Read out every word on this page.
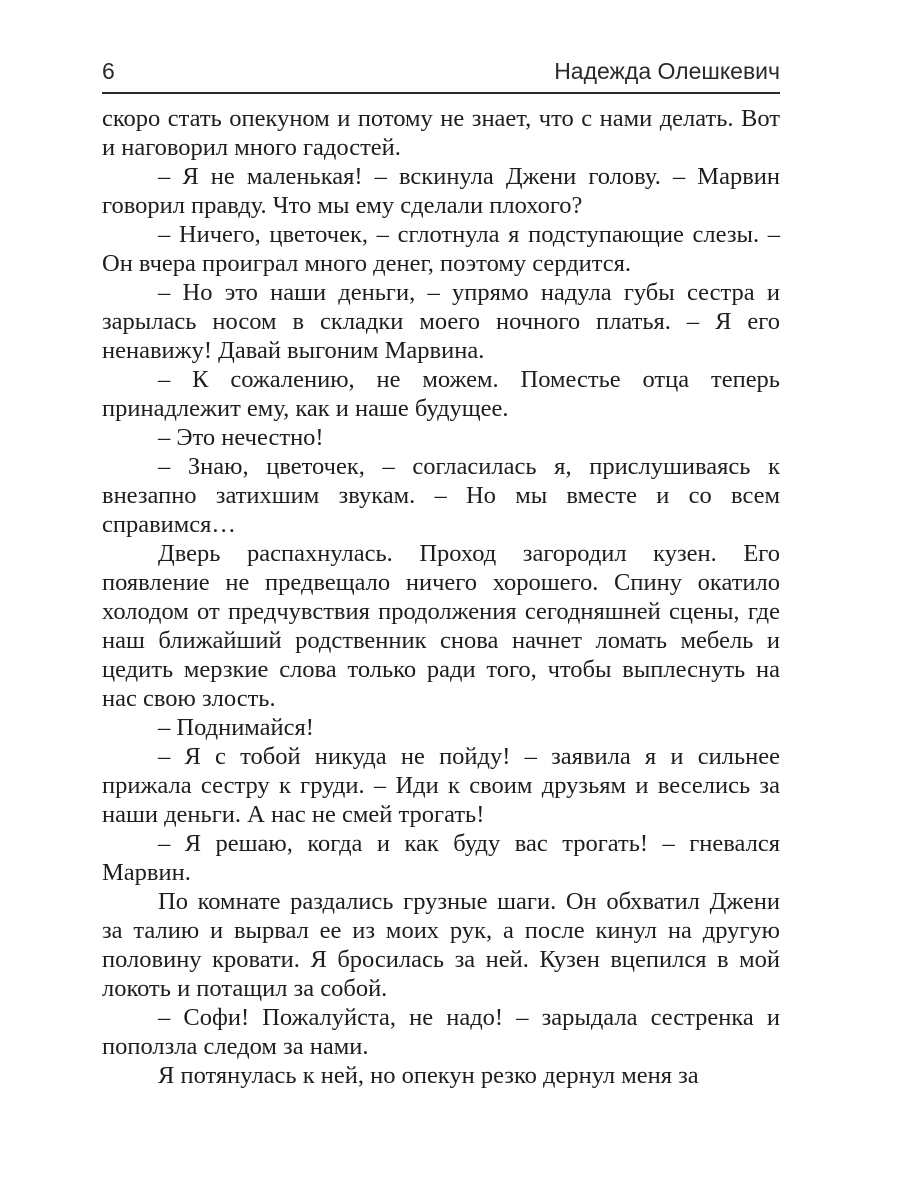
6	Надежда Олешкевич

скоро стать опекуном и потому не знает, что с нами делать. Вот и наговорил много гадостей.

– Я не маленькая! – вскинула Джени голову. – Марвин говорил правду. Что мы ему сделали плохого?

– Ничего, цветочек, – сглотнула я подступающие слезы. – Он вчера проиграл много денег, поэтому сердится.

– Но это наши деньги, – упрямо надула губы сестра и зарылась носом в складки моего ночного платья. – Я его ненавижу! Давай выгоним Марвина.

– К сожалению, не можем. Поместье отца теперь принадлежит ему, как и наше будущее.

– Это нечестно!

– Знаю, цветочек, – согласилась я, прислушиваясь к внезапно затихшим звукам. – Но мы вместе и со всем справимся…

Дверь распахнулась. Проход загородил кузен. Его появление не предвещало ничего хорошего. Спину окатило холодом от предчувствия продолжения сегодняшней сцены, где наш ближайший родственник снова начнет ломать мебель и цедить мерзкие слова только ради того, чтобы выплеснуть на нас свою злость.

– Поднимайся!

– Я с тобой никуда не пойду! – заявила я и сильнее прижала сестру к груди. – Иди к своим друзьям и веселись за наши деньги. А нас не смей трогать!

– Я решаю, когда и как буду вас трогать! – гневался Марвин.

По комнате раздались грузные шаги. Он обхватил Джени за талию и вырвал ее из моих рук, а после кинул на другую половину кровати. Я бросилась за ней. Кузен вцепился в мой локоть и потащил за собой.

– Софи! Пожалуйста, не надо! – зарыдала сестренка и поползла следом за нами.

Я потянулась к ней, но опекун резко дернул меня за
